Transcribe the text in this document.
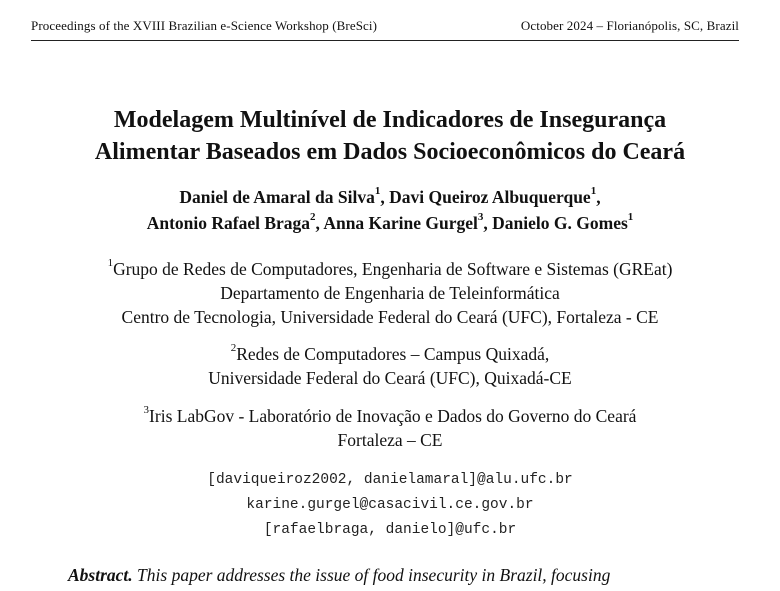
Proceedings of the XVIII Brazilian e-Science Workshop (BreSci)	October 2024 – Florianópolis, SC, Brazil
Modelagem Multinível de Indicadores de Insegurança
Alimentar Baseados em Dados Socioeconômicos do Ceará
Daniel de Amaral da Silva$^1$, Davi Queiroz Albuquerque$^1$,
Antonio Rafael Braga$^2$, Anna Karine Gurgel$^3$, Danielo G. Gomes$^1$
$^1$Grupo de Redes de Computadores, Engenharia de Software e Sistemas (GREat)
Departamento de Engenharia de Teleinformática
Centro de Tecnologia, Universidade Federal do Ceará (UFC), Fortaleza - CE
$^2$Redes de Computadores – Campus Quixadá,
Universidade Federal do Ceará (UFC), Quixadá-CE
$^3$Iris LabGov - Laboratório de Inovação e Dados do Governo do Ceará
Fortaleza – CE
[daviqueiroz2002, danielamaral]@alu.ufc.br
karine.gurgel@casacivil.ce.gov.br
[rafaelbraga, danielo]@ufc.br
Abstract. This paper addresses the issue of food insecurity in Brazil, focusing
